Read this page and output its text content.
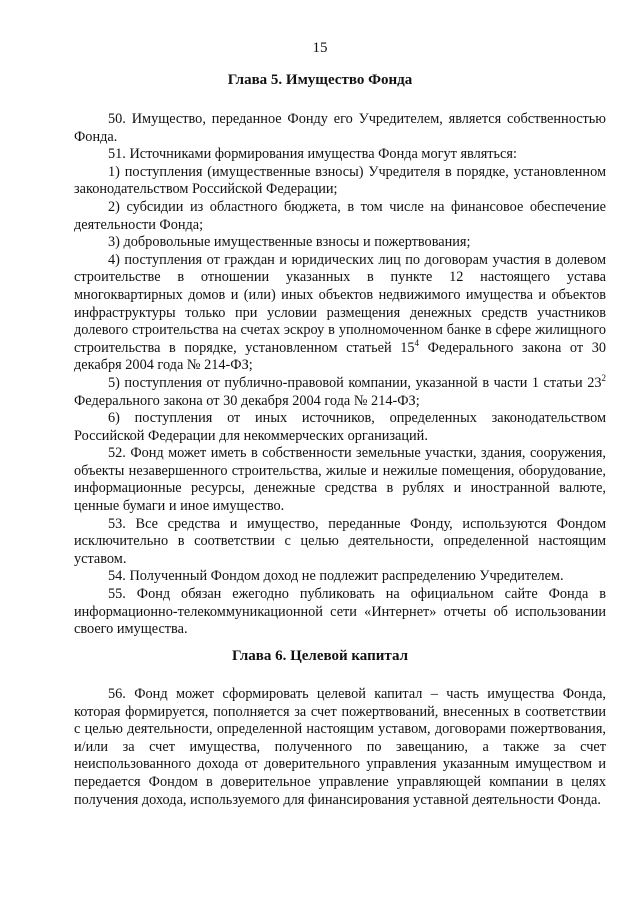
15
Глава 5. Имущество Фонда

50. Имущество, переданное Фонду его Учредителем, является собственностью Фонда.

51. Источниками формирования имущества Фонда могут являться:

1) поступления (имущественные взносы) Учредителя в порядке, установленном законодательством Российской Федерации;

2) субсидии из областного бюджета, в том числе на финансовое обеспечение деятельности Фонда;

3) добровольные имущественные взносы и пожертвования;

4) поступления от граждан и юридических лиц по договорам участия в долевом строительстве в отношении указанных в пункте 12 настоящего устава многоквартирных домов и (или) иных объектов недвижимого имущества и объектов инфраструктуры только при условии размещения денежных средств участников долевого строительства на счетах эскроу в уполномоченном банке в сфере жилищного строительства в порядке, установленном статьей $15^4$ Федерального закона от 30 декабря 2004 года № 214-ФЗ;

5) поступления от публично-правовой компании, указанной в части 1 статьи $23^2$ Федерального закона от 30 декабря 2004 года № 214-ФЗ;

6) поступления от иных источников, определенных законодательством Российской Федерации для некоммерческих организаций.

52. Фонд может иметь в собственности земельные участки, здания, сооружения, объекты незавершенного строительства, жилые и нежилые помещения, оборудование, информационные ресурсы, денежные средства в рублях и иностранной валюте, ценные бумаги и иное имущество.

53. Все средства и имущество, переданные Фонду, используются Фондом исключительно в соответствии с целью деятельности, определенной настоящим уставом.

54. Полученный Фондом доход не подлежит распределению Учредителем.

55. Фонд обязан ежегодно публиковать на официальном сайте Фонда в информационно-телекоммуникационной сети «Интернет» отчеты об использовании своего имущества.

Глава 6. Целевой капитал

56. Фонд может сформировать целевой капитал – часть имущества Фонда, которая формируется, пополняется за счет пожертвований, внесенных в соответствии с целью деятельности, определенной настоящим уставом, договорами пожертвования, и/или за счет имущества, полученного по завещанию, а также за счет неиспользованного дохода от доверительного управления указанным имуществом и передается Фондом в доверительное управление управляющей компании в целях получения дохода, используемого для финансирования уставной деятельности Фонда.
